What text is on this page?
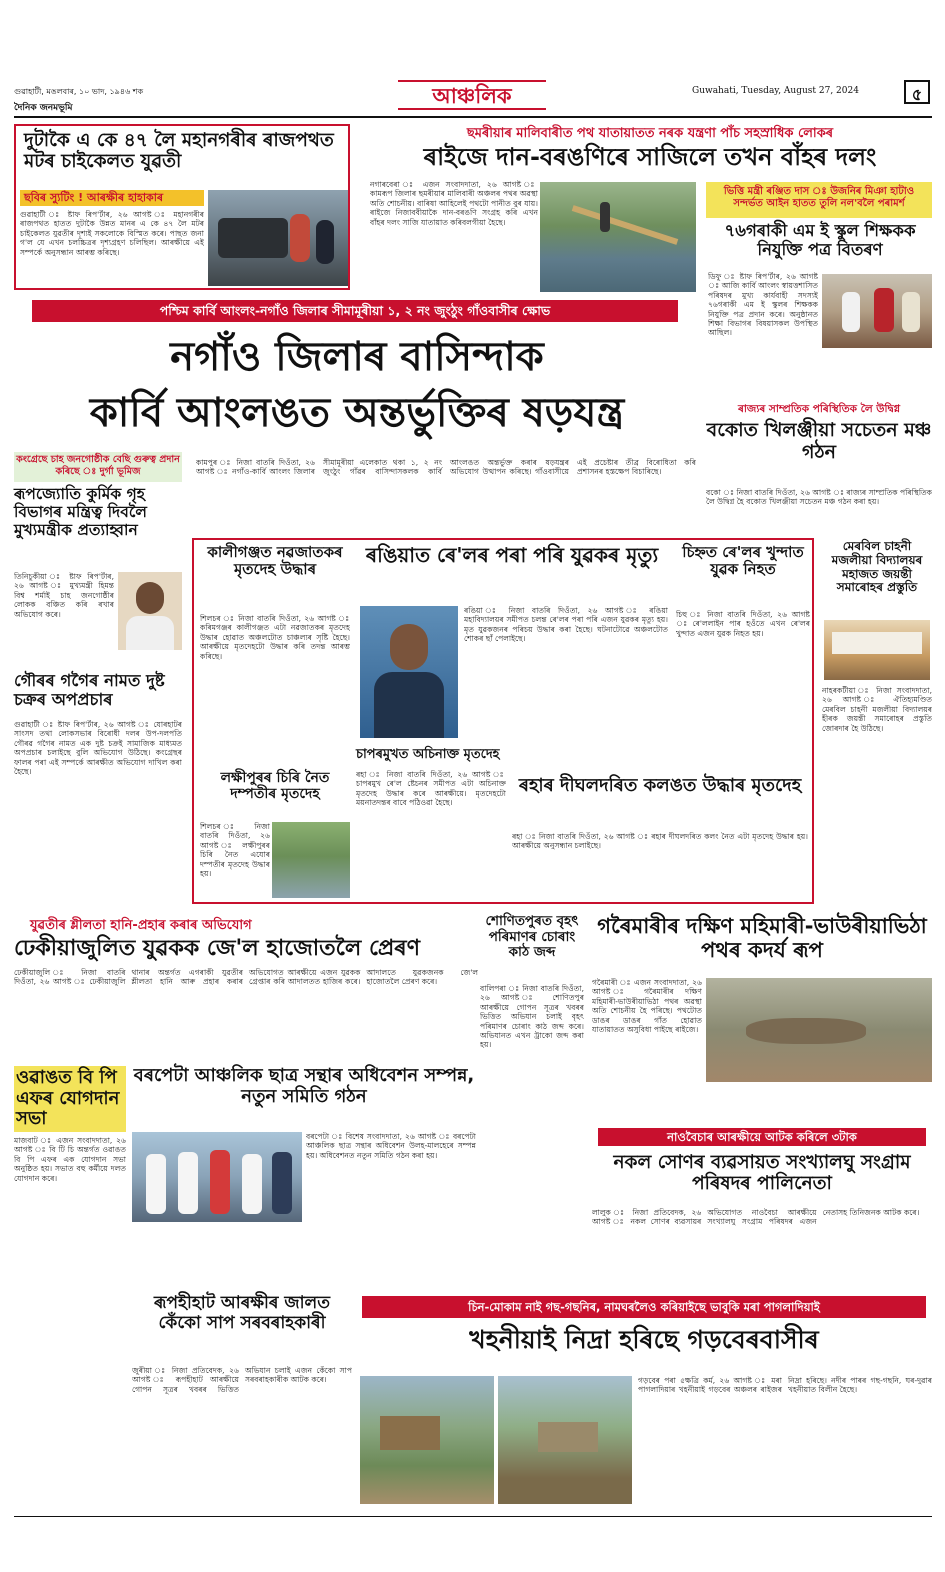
গুৱাহাটী, মঙলবাৰ, ১০ ভাদ, ১৯৪৬ শক
দৈনিক জনমভূমি	আঞ্চলিক	Guwahati, Tuesday, August 27, 2024	৫
দুটাকৈ এ কে ৪৭ লৈ মহানগৰীৰ ৰাজপথত মটৰ চাইকেলত যুৱতী
ছবিৰ স্যুটিং ! আৰক্ষীৰ হাহাকাৰ
গুৱাহাটী ঃ ষ্টাফ ৰিপ'ৰ্টাৰ, ২৬ আগষ্ট ঃ মহানগৰীৰ ৰাজপথত হাতত দুটাকৈ উন্নত মানৰ এ কে ৪৭ লৈ মটৰ চাইকেলত যুৱতীৰ দৃশ্যই সকলোকে বিস্মিত কৰে। পাছত জনা গ'ল যে এখন চলচ্চিত্ৰৰ দৃশ্যগ্ৰহণ চলিছিল। আৰক্ষীয়ে এই সম্পৰ্কে অনুসন্ধান আৰম্ভ কৰিছে।
ছমৰীয়াৰ মালিবাৰীত পথ যাতায়াতত নৰক যন্ত্ৰণা পাঁচ সহস্ৰাধিক লোকৰ
ৰাইজে দান-বৰঙণিৰে সাজিলে তখন বাঁহৰ দলং
নগাৰবেৰা ঃ এজন সংবাদদাতা, ২৬ আগষ্ট ঃ কামৰূপ জিলাৰ ছমৰীয়াৰ মালিবাৰী অঞ্চলৰ পথৰ অৱস্থা অতি শোচনীয়। বাৰিষা আহিলেই পথটো পানীত বুৰ যায়। ৰাইজে নিজাববীয়াকৈ দান-বৰঙণি সংগ্ৰহ কৰি এখন বাঁহৰ দলং সাজি যাতায়াত কৰিবলগীয়া হৈছে।
ভিত্তি মন্ত্ৰী ৰঞ্জিত দাস ঃ উজনিৰ মিঞা হাটাও সন্দৰ্ভত আইন হাতত তুলি নল'বলৈ পৰামৰ্শ
৭৬গৰাকী এম ই স্কুল শিক্ষকক নিযুক্তি পত্ৰ বিতৰণ
ডিফু ঃ ষ্টাফ ৰিপ'ৰ্টাৰ, ২৬ আগষ্ট ঃ আজি কাৰ্বি আংলং স্বায়ত্তশাসিত পৰিষদৰ মুখ্য কাৰ্যবাহী সদস্যই ৭৬গৰাকী এম ই স্কুলৰ শিক্ষকক নিযুক্তি পত্ৰ প্ৰদান কৰে। অনুষ্ঠানত শিক্ষা বিভাগৰ বিষয়াসকল উপস্থিত আছিল।
পশ্চিম কাৰ্বি আংলং-নগাঁও জিলাৰ সীমামূৰীয়া ১, ২ নং জুংঠুং গাঁওবাসীৰ ক্ষোভ
নগাঁও জিলাৰ বাসিন্দাক
কাৰ্বি আংলঙত অন্তৰ্ভুক্তিৰ ষড়যন্ত্ৰ
কামপুৰ ঃ নিজা বাতৰি দিওঁতা, ২৬ আগষ্ট ঃ নগাঁও-কাৰ্বি আংলং জিলাৰ সীমামূৰীয়া এলেকাত থকা ১, ২ নং জুংঠুং গাঁৱৰ বাসিন্দাসকলক কাৰ্বি আংলঙত অন্তৰ্ভুক্ত কৰাৰ ষড়যন্ত্ৰৰ অভিযোগ উত্থাপন কৰিছে। গাঁওবাসীয়ে এই প্ৰচেষ্টাৰ তীব্ৰ বিৰোধিতা কৰি প্ৰশাসনৰ হস্তক্ষেপ বিচাৰিছে।
ৰাজ্যৰ সাম্প্ৰতিক পৰিস্থিতিক লৈ উদ্বিগ্ন
বকোত খিলঞ্জীয়া সচেতন মঞ্চ গঠন
বকো ঃ নিজা বাতৰি দিওঁতা, ২৬ আগষ্ট ঃ ৰাজ্যৰ সাম্প্ৰতিক পৰিস্থিতিক লৈ উদ্বিগ্ন হৈ বকোত খিলঞ্জীয়া সচেতন মঞ্চ গঠন কৰা হয়।
কংগ্ৰেছে চাহ জনগোষ্ঠীক বেছি গুৰুত্ব প্ৰদান কৰিছে ঃ দুৰ্গা ভূমিজ
ৰূপজ্যোতি কুৰ্মিক গৃহ বিভাগৰ মন্ত্ৰিত্ব দিবলৈ মুখ্যমন্ত্ৰীক প্ৰত্যাহ্বান
তিনিচুকীয়া ঃ ষ্টাফ ৰিপ'ৰ্টাৰ, ২৬ আগষ্ট ঃ মুখ্যমন্ত্ৰী হিমন্ত বিশ্ব শৰ্মাই চাহ জনগোষ্ঠীৰ লোকক বঞ্চিত কৰি ৰখাৰ অভিযোগ কৰে।
গৌৰৰ গগৈৰ নামত দুষ্ট চক্ৰৰ অপপ্ৰচাৰ
গুৱাহাটী ঃ ষ্টাফ ৰিপ'ৰ্টাৰ, ২৬ আগষ্ট ঃ যোৰহাটৰ সাংসদ তথা লোকসভাৰ বিৰোধী দলৰ উপ-দলপতি গৌৰৱ গগৈৰ নামত এক দুষ্ট চক্ৰই সামাজিক মাধ্যমত অপপ্ৰচাৰ চলাইছে বুলি অভিযোগ উঠিছে। কংগ্ৰেছৰ ফালৰ পৰা এই সম্পৰ্কে আৰক্ষীত অভিযোগ দাখিল কৰা হৈছে।
কালীগঞ্জত নৱজাতকৰ মৃতদেহ উদ্ধাৰ
শিলচৰ ঃ নিজা বাতৰি দিওঁতা, ২৬ আগষ্ট ঃ কৰিমগঞ্জৰ কালীগঞ্জত এটা নৱজাতকৰ মৃতদেহ উদ্ধাৰ হোৱাত অঞ্চলটোত চাঞ্চল্যৰ সৃষ্টি হৈছে। আৰক্ষীয়ে মৃতদেহটো উদ্ধাৰ কৰি তদন্ত আৰম্ভ কৰিছে।
ৰঙিয়াত ৰে'লৰ পৰা পৰি যুৱকৰ মৃত্যু
ৰঙিয়া ঃ নিজা বাতৰি দিওঁতা, ২৬ আগষ্ট ঃ ৰঙিয়া মহাবিদ্যালয়ৰ সমীপত চলন্ত ৰে'লৰ পৰা পৰি এজন যুৱকৰ মৃত্যু হয়। মৃত যুৱকজনৰ পৰিচয় উদ্ধাৰ কৰা হৈছে। ঘটনাটোৱে অঞ্চলটোত শোকৰ ছাঁ পেলাইছে।
চিহ্নত ৰে'লৰ খুন্দাত যুৱক নিহত
চিহু ঃ নিজা বাতৰি দিওঁতা, ২৬ আগষ্ট ঃ ৰে'ললাইন পাৰ হওঁতে এখন ৰে'লৰ খুন্দাত এজন যুৱক নিহত হয়।
মেৰবিল চাহনী মজলীয়া বিদ্যালয়ৰ মহাজত জয়ন্তী সমাৰোহৰ প্ৰস্তুতি
নাহৰকটীয়া ঃ নিজা সংবাদদাতা, ২৬ আগষ্ট ঃ ঐতিহ্যমণ্ডিত মেৰবিল চাহনী মজলীয়া বিদ্যালয়ৰ হীৰক জয়ন্তী সমাৰোহৰ প্ৰস্তুতি জোৰদাৰ হৈ উঠিছে।
লক্ষীপুৰৰ চিৰি নৈত দম্পতীৰ মৃতদেহ
শিলচৰ ঃ নিজা বাতৰি দিওঁতা, ২৬ আগষ্ট ঃ লক্ষীপুৰৰ চিৰি নৈত এযোৰ দম্পতীৰ মৃতদেহ উদ্ধাৰ হয়।
চাপৰমুখত অচিনাক্ত মৃতদেহ
ৰহা ঃ নিজা বাতৰি দিওঁতা, ২৬ আগষ্ট ঃ চাপৰমুখ ৰে'ল ষ্টেচনৰ সমীপত এটা অচিনাক্ত মৃতদেহ উদ্ধাৰ কৰে আৰক্ষীয়ে। মৃতদেহটো ময়নাতদন্তৰ বাবে পঠিওৱা হৈছে।
ৰহাৰ দীঘলদৰিত কলঙত উদ্ধাৰ মৃতদেহ
ৰহা ঃ নিজা বাতৰি দিওঁতা, ২৬ আগষ্ট ঃ ৰহাৰ দীঘলদৰিত কলং নৈত এটা মৃতদেহ উদ্ধাৰ হয়। আৰক্ষীয়ে অনুসন্ধান চলাইছে।
যুৱতীৰ শ্লীলতা হানি-প্ৰহাৰ কৰাৰ অভিযোগ
ঢেকীয়াজুলিত যুৱকক জে'ল হাজোতলৈ প্ৰেৰণ
ঢেকীয়াজুলি ঃ নিজা বাতৰি দিওঁতা, ২৬ আগষ্ট ঃ ঢেকীয়াজুলি থানাৰ অন্তৰ্গত এগৰাকী যুৱতীৰ শ্লীলতা হানি আৰু প্ৰহাৰ কৰাৰ অভিযোগত আৰক্ষীয়ে এজন যুৱকক গ্ৰেপ্তাৰ কৰি আদালতত হাজিৰ কৰে। আদালতে যুৱকজনক জে'ল হাজোতলৈ প্ৰেৰণ কৰে।
শোণিতপুৰত বৃহৎ পৰিমাণৰ চোৰাং কাঠ জব্দ
বালিপৰা ঃ নিজা বাতৰি দিওঁতা, ২৬ আগষ্ট ঃ শোণিতপুৰ আৰক্ষীয়ে গোপন সূত্ৰৰ খবৰৰ ভিত্তিত অভিযান চলাই বৃহৎ পৰিমাণৰ চোৰাং কাঠ জব্দ কৰে। অভিযানত এখন ট্ৰাকো জব্দ কৰা হয়।
গৰৈমাৰীৰ দক্ষিণ মহিমাৰী-ভাউৰীয়াভিঠা পথৰ কদৰ্য ৰূপ
গৰৈমাৰী ঃ এজন সংবাদদাতা, ২৬ আগষ্ট ঃ গৰৈমাৰীৰ দক্ষিণ মহিমাৰী-ভাউৰীয়াভিঠা পথৰ অৱস্থা অতি শোচনীয় হৈ পৰিছে। পথটোত ডাঙৰ ডাঙৰ গাঁত হোৱাত যাতায়াতত অসুবিধা পাইছে ৰাইজে।
ওৱাঙত বি পি এফৰ যোগদান সভা
মাজবাট ঃ এজন সংবাদদাতা, ২৬ আগষ্ট ঃ বি টি চি অন্তৰ্গত ওৱাঙত বি পি এফৰ এক যোগদান সভা অনুষ্ঠিত হয়। সভাত বহু কৰ্মীয়ে দলত যোগদান কৰে।
বৰপেটা আঞ্চলিক ছাত্ৰ সন্থাৰ অধিবেশন সম্পন্ন, নতুন সমিতি গঠন
বৰপেটা ঃ বিশেষ সংবাদদাতা, ২৬ আগষ্ট ঃ বৰপেটা আঞ্চলিক ছাত্ৰ সন্থাৰ অধিবেশন উলহ-মালহেৰে সম্পন্ন হয়। অধিবেশনত নতুন সমিতি গঠন কৰা হয়।
নাওবৈচাৰ আৰক্ষীয়ে আটক কৰিলে ৩টাক
নকল সোণৰ ব্যৱসায়ত সংখ্যালঘু সংগ্ৰাম পৰিষদৰ পালিনেতা
লালুক ঃ নিজা প্ৰতিবেদক, ২৬ আগষ্ট ঃ নকল সোণৰ ব্যৱসায়ৰ অভিযোগত নাওবৈচা আৰক্ষীয়ে সংখ্যালঘু সংগ্ৰাম পৰিষদৰ এজন নেতাসহ তিনিজনক আটক কৰে।
ৰূপহীহাট আৰক্ষীৰ জালত কেঁকো সাপ সৰবৰাহকাৰী
জুৰীয়া ঃ নিজা প্ৰতিবেদক, ২৬ আগষ্ট ঃ ৰূপহীহাট আৰক্ষীয়ে গোপন সূত্ৰৰ খবৰৰ ভিত্তিত অভিযান চলাই এজন কেঁকো সাপ সৰবৰাহকাৰীক আটক কৰে।
চিন-মোকাম নাই গছ-গছনিৰ, নামঘৰলৈও কৰিয়াইছে ভাবুকি মৰা পাগলাদিয়াই
খহনীয়াই নিদ্ৰা হৰিছে গড়বেৰবাসীৰ
গড়বেৰ পৰা ৫ক্ষত্ৰি কৰ্ম, ২৬ আগষ্ট ঃ মৰা পাগলাদিয়াৰ খহনীয়াই গড়বেৰ অঞ্চলৰ ৰাইজৰ নিদ্ৰা হৰিছে। নদীৰ পাৰৰ গছ-গছনি, ঘৰ-দুৱাৰ খহনীয়াত বিলীন হৈছে।
